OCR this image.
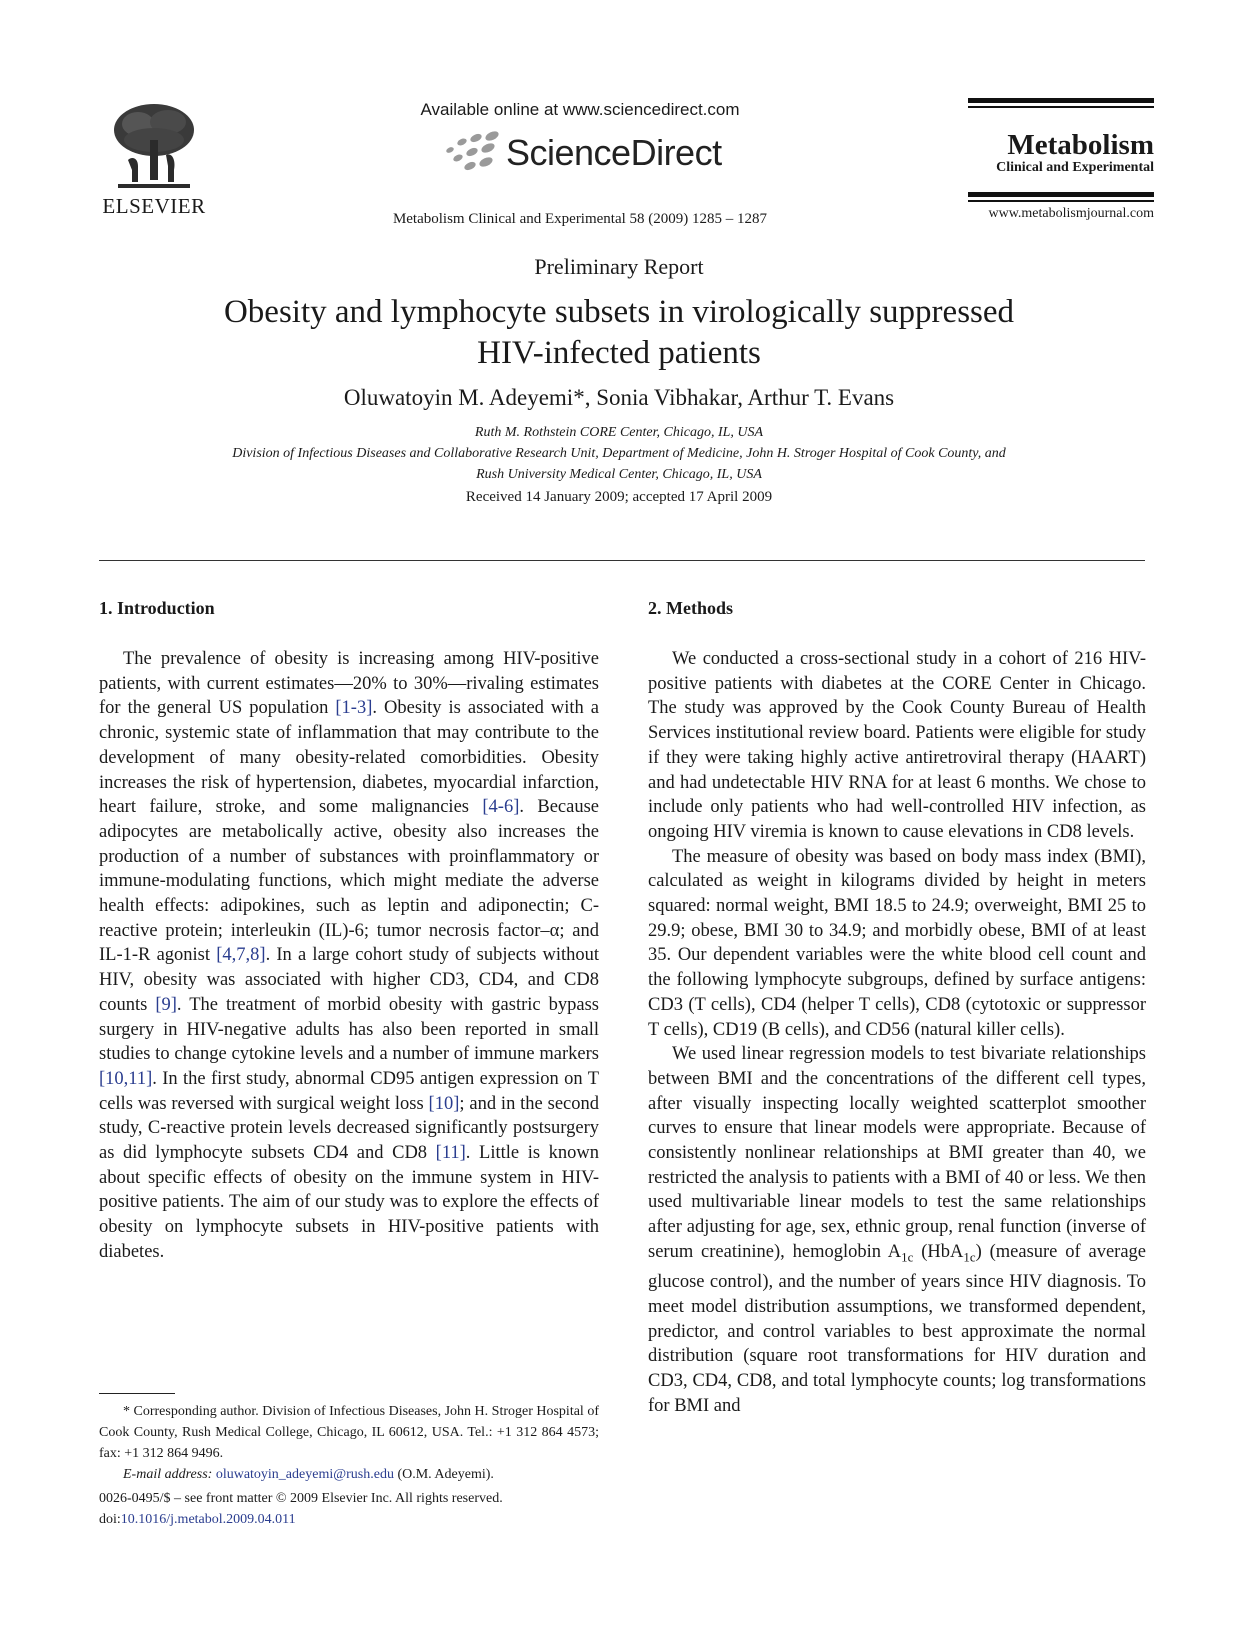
ELSEVIER
Available online at www.sciencedirect.com
ScienceDirect
Metabolism Clinical and Experimental 58 (2009) 1285 – 1287
Metabolism
Clinical and Experimental
www.metabolismjournal.com
Preliminary Report
Obesity and lymphocyte subsets in virologically suppressed
HIV-infected patients
Oluwatoyin M. Adeyemi*, Sonia Vibhakar, Arthur T. Evans
Ruth M. Rothstein CORE Center, Chicago, IL, USA
Division of Infectious Diseases and Collaborative Research Unit, Department of Medicine, John H. Stroger Hospital of Cook County, and
Rush University Medical Center, Chicago, IL, USA
Received 14 January 2009; accepted 17 April 2009
1. Introduction	2. Methods

The prevalence of obesity is increasing among HIV-positive patients, with current estimates—20% to 30%—rivaling estimates for the general US population [1-3]. Obesity is associated with a chronic, systemic state of inflammation that may contribute to the development of many obesity-related comorbidities. Obesity increases the risk of hypertension, diabetes, myocardial infarction, heart failure, stroke, and some malignancies [4-6]. Because adipocytes are metabolically active, obesity also increases the production of a number of substances with proinflammatory or immune-modulating functions, which might mediate the adverse health effects: adipokines, such as leptin and adiponectin; C-reactive protein; interleukin (IL)-6; tumor necrosis factor–α; and IL-1-R agonist [4,7,8]. In a large cohort study of subjects without HIV, obesity was associated with higher CD3, CD4, and CD8 counts [9]. The treatment of morbid obesity with gastric bypass surgery in HIV-negative adults has also been reported in small studies to change cytokine levels and a number of immune markers [10,11]. In the first study, abnormal CD95 antigen expression on T cells was reversed with surgical weight loss [10]; and in the second study, C-reactive protein levels decreased significantly postsurgery as did lymphocyte subsets CD4 and CD8 [11]. Little is known about specific effects of obesity on the immune system in HIV-positive patients. The aim of our study was to explore the effects of obesity on lymphocyte subsets in HIV-positive patients with diabetes.

We conducted a cross-sectional study in a cohort of 216 HIV-positive patients with diabetes at the CORE Center in Chicago. The study was approved by the Cook County Bureau of Health Services institutional review board. Patients were eligible for study if they were taking highly active antiretroviral therapy (HAART) and had undetectable HIV RNA for at least 6 months. We chose to include only patients who had well-controlled HIV infection, as ongoing HIV viremia is known to cause elevations in CD8 levels.

The measure of obesity was based on body mass index (BMI), calculated as weight in kilograms divided by height in meters squared: normal weight, BMI 18.5 to 24.9; overweight, BMI 25 to 29.9; obese, BMI 30 to 34.9; and morbidly obese, BMI of at least 35. Our dependent variables were the white blood cell count and the following lymphocyte subgroups, defined by surface antigens: CD3 (T cells), CD4 (helper T cells), CD8 (cytotoxic or suppressor T cells), CD19 (B cells), and CD56 (natural killer cells).

We used linear regression models to test bivariate relationships between BMI and the concentrations of the different cell types, after visually inspecting locally weighted scatterplot smoother curves to ensure that linear models were appropriate. Because of consistently nonlinear relationships at BMI greater than 40, we restricted the analysis to patients with a BMI of 40 or less. We then used multivariable linear models to test the same relationships after adjusting for age, sex, ethnic group, renal function (inverse of serum creatinine), hemoglobin $A_{1c}$ (HbA$_{1c}$) (measure of average glucose control), and the number of years since HIV diagnosis. To meet model distribution assumptions, we transformed dependent, predictor, and control variables to best approximate the normal distribution (square root transformations for HIV duration and CD3, CD4, CD8, and total lymphocyte counts; log transformations for BMI and

* Corresponding author. Division of Infectious Diseases, John H. Stroger Hospital of Cook County, Rush Medical College, Chicago, IL 60612, USA. Tel.: +1 312 864 4573; fax: +1 312 864 9496.

E-mail address: oluwatoyin_adeyemi@rush.edu (O.M. Adeyemi).

0026-0495/$ – see front matter © 2009 Elsevier Inc. All rights reserved.
doi:10.1016/j.metabol.2009.04.011
